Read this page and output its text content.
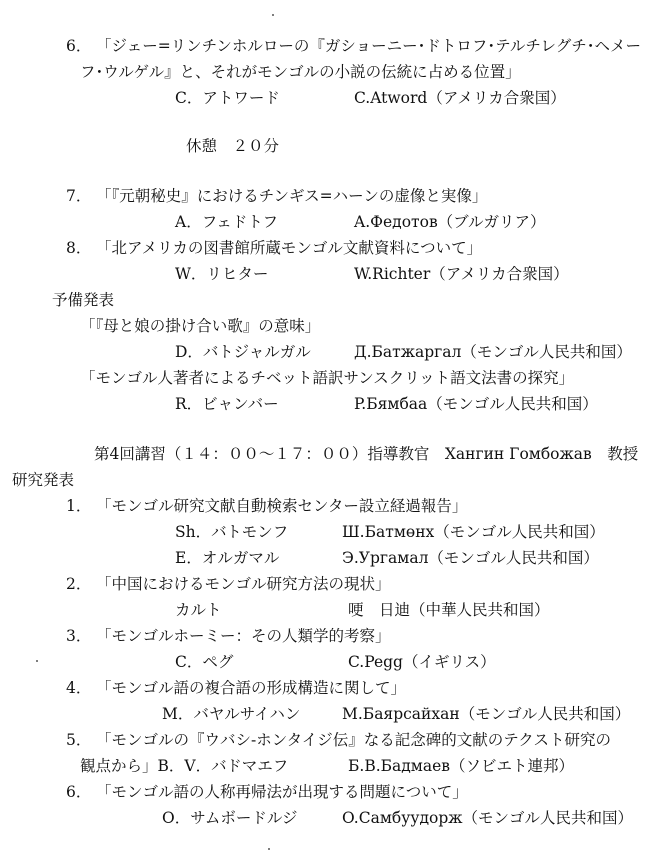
6． 「ジェー=リンチンホルローの『ガショーニー･ドトロフ･テルチレグチ･ヘメー
フ･ウルゲル』と、それがモンゴルの小説の伝統に占める位置」
C．アトワード	C.Atword（アメリカ合衆国）
休憩　２０分
7． 「『元朝秘史』におけるチンギス=ハーンの虚像と実像」
A．フェドトフ	A.Федотов（ブルガリア）
8． 「北アメリカの図書館所蔵モンゴル文献資料について」
W．リヒター	W.Richter（アメリカ合衆国）
予備発表
「『母と娘の掛け合い歌』の意味」
D．バトジャルガル	Д.Батжаргал（モンゴル人民共和国）
「モンゴル人著者によるチベット語訳サンスクリット語文法書の探究」
R．ビャンバー	P.Бямбаа（モンゴル人民共和国）
第4回講習（１４：００～１７：００）指導教官　Хангин Гомбожав　教授
研究発表
1． 「モンゴル研究文献自動検索センター設立経過報告」
Sh．バトモンフ	Ш.Батмөнх（モンゴル人民共和国）
E．オルガマル	Э.Ургамал（モンゴル人民共和国）
2． 「中国におけるモンゴル研究方法の現状」
カルト	哽　日迪（中華人民共和国）
3． 「モンゴルホーミー：その人類学的考察」
C．ペグ	C.Pegg（イギリス）
4． 「モンゴル語の複合語の形成構造に関して」
M．バヤルサイハン	M.Баярсайхан（モンゴル人民共和国）
5． 「モンゴルの『ウバシ-ホンタイジ伝』なる記念碑的文献のテクスト研究の
観点から」B．V．バドマエフ	Б.В.Бадмаев（ソビエト連邦）
6． 「モンゴル語の人称再帰法が出現する問題について」
O．サムボードルジ	O.Самбуудорж（モンゴル人民共和国）
